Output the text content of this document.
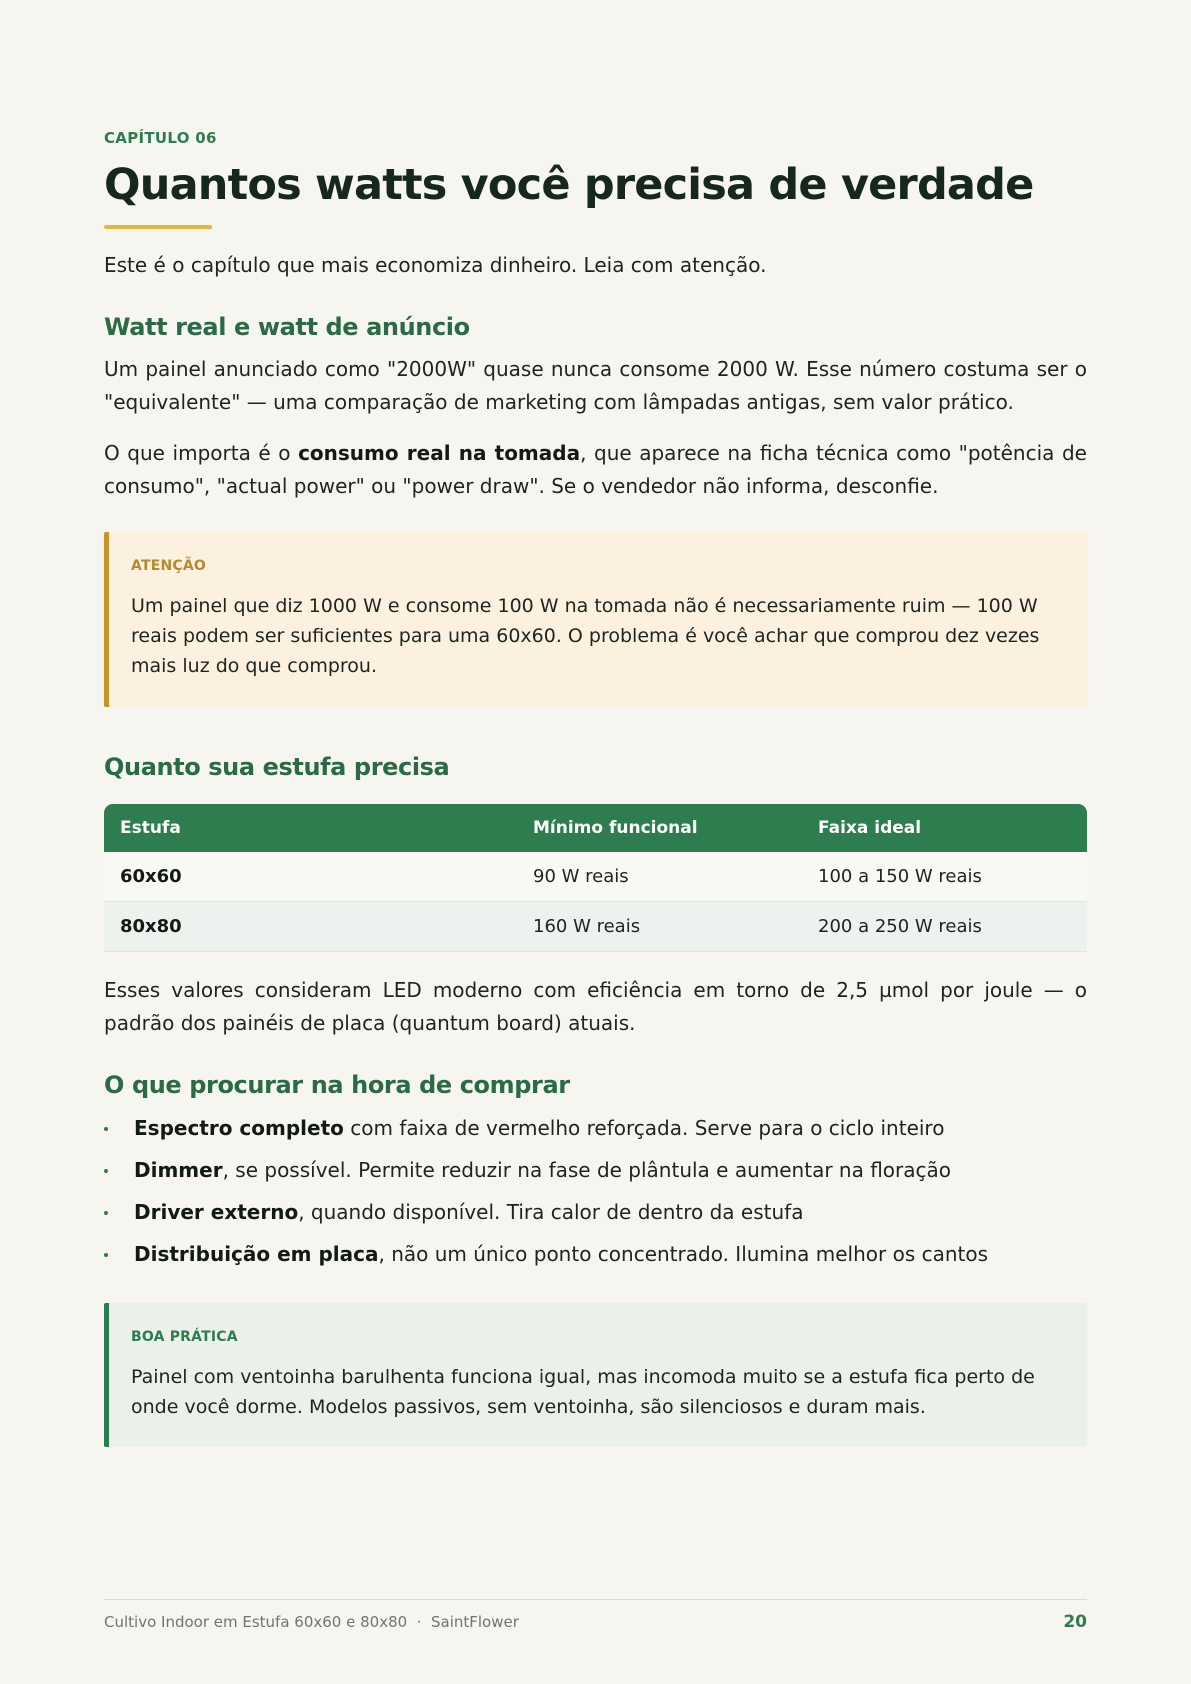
CAPÍTULO 06
Quantos watts você precisa de verdade

Este é o capítulo que mais economiza dinheiro. Leia com atenção.

Watt real e watt de anúncio

Um painel anunciado como "2000W" quase nunca consome 2000 W. Esse número costuma ser o "equivalente" — uma comparação de marketing com lâmpadas antigas, sem valor prático.

O que importa é o consumo real na tomada, que aparece na ficha técnica como "potência de consumo", "actual power" ou "power draw". Se o vendedor não informa, desconfie.

ATENÇÃO
Um painel que diz 1000 W e consome 100 W na tomada não é necessariamente ruim — 100 W reais podem ser suficientes para uma 60x60. O problema é você achar que comprou dez vezes mais luz do que comprou.
Quanto sua estufa precisa
Estufa	Mínimo funcional	Faixa ideal
60x60	90 W reais	100 a 150 W reais
80x80	160 W reais	200 a 250 W reais

Esses valores consideram LED moderno com eficiência em torno de 2,5 µmol por joule — o padrão dos painéis de placa (quantum board) atuais.

O que procurar na hora de comprar
Espectro completo com faixa de vermelho reforçada. Serve para o ciclo inteiro
Dimmer, se possível. Permite reduzir na fase de plântula e aumentar na floração
Driver externo, quando disponível. Tira calor de dentro da estufa
Distribuição em placa, não um único ponto concentrado. Ilumina melhor os cantos
BOA PRÁTICA
Painel com ventoinha barulhenta funciona igual, mas incomoda muito se a estufa fica perto de onde você dorme. Modelos passivos, sem ventoinha, são silenciosos e duram mais.
Cultivo Indoor em Estufa 60x60 e 80x80  ·  SaintFlower	20
